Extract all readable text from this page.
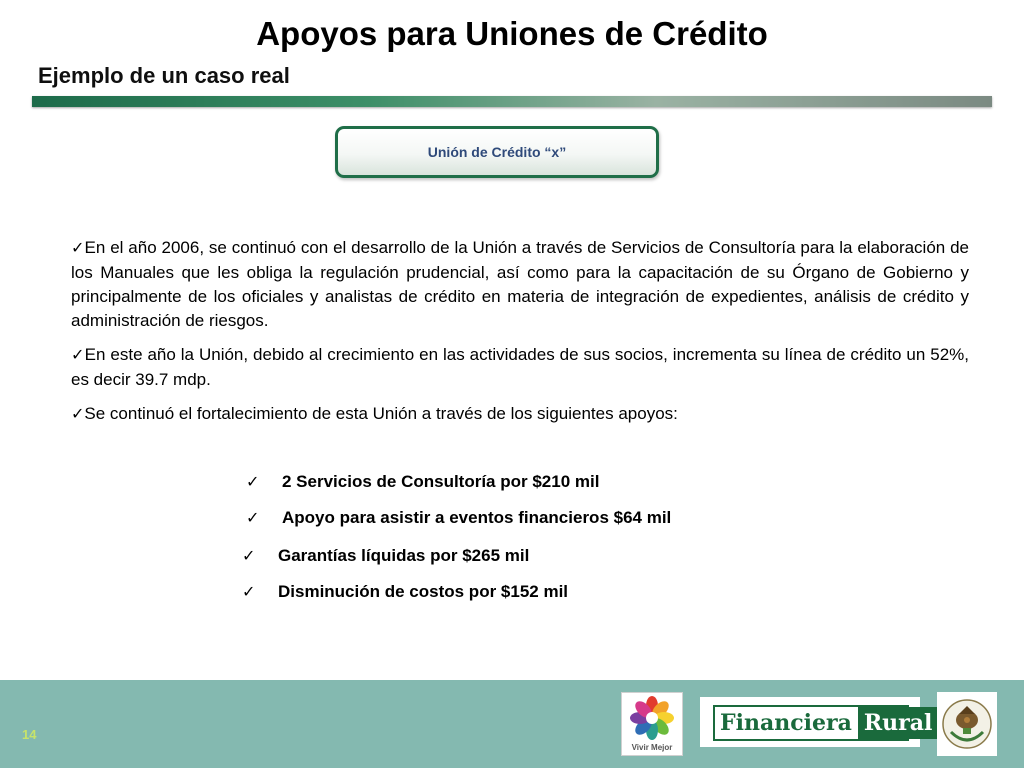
Apoyos para Uniones de Crédito
Ejemplo de un caso real
Unión de Crédito “x”

✓En el año 2006, se continuó con el desarrollo de la Unión a través de Servicios de Consultoría para la elaboración de los Manuales que les obliga la regulación prudencial, así como para la capacitación de su Órgano de Gobierno y principalmente de los oficiales y analistas de crédito en materia de integración de expedientes, análisis de crédito y administración de riesgos.

✓En este año la Unión, debido al crecimiento en las actividades de sus socios, incrementa su línea de crédito un 52%, es decir 39.7 mdp.

✓Se continuó el fortalecimiento de esta Unión a través de los siguientes apoyos:

✓ 2 Servicios de Consultoría por $210 mil
✓ Apoyo para asistir a eventos financieros $64 mil
✓ Garantías líquidas por $265 mil
✓ Disminución de costos por $152 mil
14
Vivir Mejor
Financiera Rural
